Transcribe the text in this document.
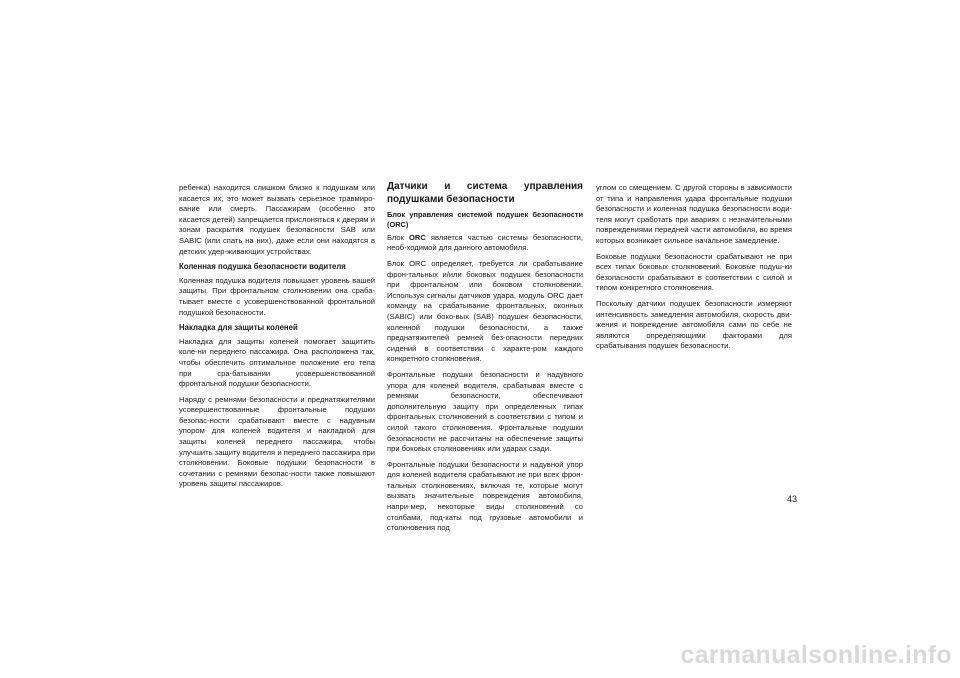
ребенка) находится слишком близко к подушкам или касается их, это может вызвать серьезное травмиро-вание или смерть. Пассажирам (особенно это касается детей) запрещается прислоняться к дверям и зонам раскрытия подушек безопасности SAB или SABIC (или спать на них), даже если они находятся в детских удер-живающих устройствах.

Коленная подушка безопасности водителя

Коленная подушка водителя повышает уровень вашей защиты. При фронтальном столкновении она сраба-тывает вместе с усовершенствованной фронтальной подушкой безопасности.

Накладка для защиты коленей

Накладка для защиты коленей помогает защитить коле-ни переднего пассажира. Она расположена так, чтобы обеспечить оптимальное положение его тела при сра-батывании усовершенствованной фронтальной подушки безопасности.

Наряду с ремнями безопасности и преднатяжителями усовершенствованные фронтальные подушки безопас-ности срабатывают вместе с надувным упором для коленей водителя и накладкой для защиты коленей переднего пассажира, чтобы улучшить защиту водителя и переднего пассажира при столкновении. Боковые подушки безопасности в сочетании с ремнями безопас-ности также повышают уровень защиты пассажиров.

Датчики и система управления подушками безопасности
Блок управления системой подушек безопасности (ORC)

Блок ORC является частью системы безопасности, необ-ходимой для данного автомобиля.

Блок ORC определяет, требуется ли срабатывание фрон-тальных и/или боковых подушек безопасности при фронтальном или боковом столкновении. Используя сигналы датчиков удара, модуль ORC дает команду на срабатывание фронтальных, оконных (SABIC) или боко-вых (SAB) подушек безопасности, коленной подушки безопасности, а также преднатяжителей ремней без-опасности передних сидений в соответствии с характе-ром каждого конкретного столкновения.

Фронтальные подушки безопасности и надувного упора для коленей водителя, срабатывая вместе с ремнями безопасности, обеспечивают дополнительную защиту при определенных типах фронтальных столкновений в соответствии с типом и силой такого столкновения. Фронтальные подушки безопасности не рассчитаны на обеспечение защиты при боковых столкновениях или ударах сзади.

Фронтальные подушки безопасности и надувной упор для коленей водителя срабатывают не при всех фрон-тальных столкновениях, включая те, которые могут вызвать значительные повреждения автомобиля, напри-мер, некоторые виды столкновений со столбами, под-каты под грузовые автомобили и столкновения под

углом со смещением. С другой стороны в зависимости от типа и направления удара фронтальные подушки безопасности и коленная подушка безопасности води-теля могут сработать при авариях с незначительными повреждениями передней части автомобиля, во время которых возникает сильное начальное замедление.

Боковые подушки безопасности срабатывают не при всех типах боковых столкновений. Боковые подуш-ки безопасности срабатывают в соответствии с силой и типом конкретного столкновения.

Поскольку датчики подушек безопасности измеряют интенсивность замедления автомобиля, скорость дви-жения и повреждение автомобиля сами по себе не являются определяющими факторами для срабатывания подушек безопасности.

43
carmanualsonline.info
